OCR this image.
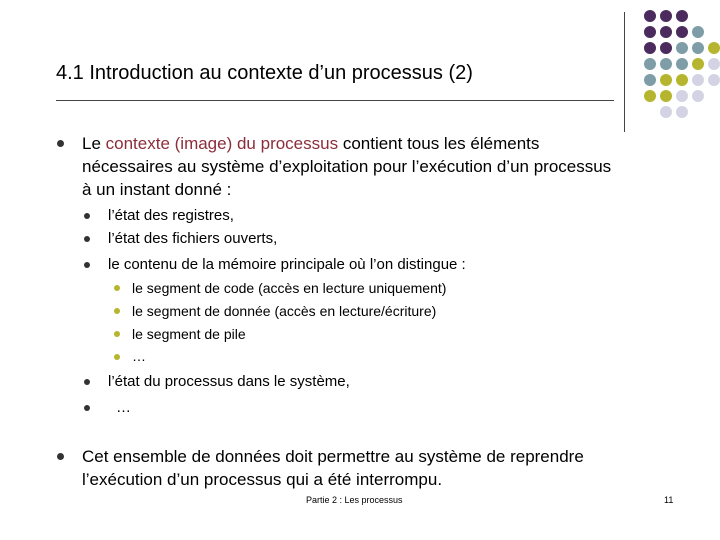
4.1 Introduction au contexte d’un processus (2)
Le contexte (image) du processus contient tous les éléments
nécessaires au système d’exploitation pour l’exécution d’un processus
à un instant donné :
l’état des registres,
l’état des fichiers ouverts,
le contenu de la mémoire principale où l’on distingue :
le segment de code (accès en lecture uniquement)
le segment de donnée (accès en lecture/écriture)
le segment de pile
…
l’état du processus dans le système,
…
Cet ensemble de données doit permettre au système de reprendre
l’exécution d’un processus qui a été interrompu.
Partie 2 : Les processus	11
